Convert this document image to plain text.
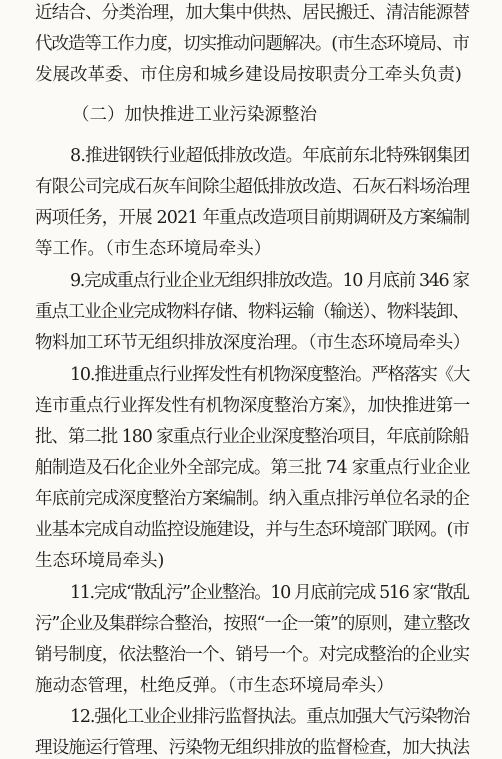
近结合、分类治理，加大集中供热、居民搬迁、清洁能源替

代改造等工作力度，切实推动问题解决。(市生态环境局、市

发展改革委、市住房和城乡建设局按职责分工牵头负责)

（二）加快推进工业污染源整治

8.推进钢铁行业超低排放改造。年底前东北特殊钢集团

有限公司完成石灰车间除尘超低排放改造、石灰石料场治理

两项任务，开展 2021 年重点改造项目前期调研及方案编制

等工作。（市生态环境局牵头）

9.完成重点行业企业无组织排放改造。10 月底前 346 家

重点工业企业完成物料存储、物料运输（输送）、物料装卸、

物料加工环节无组织排放深度治理。（市生态环境局牵头）

10.推进重点行业挥发性有机物深度整治。严格落实《大

连市重点行业挥发性有机物深度整治方案》，加快推进第一

批、第二批 180 家重点行业企业深度整治项目，年底前除船

舶制造及石化企业外全部完成。第三批 74 家重点行业企业

年底前完成深度整治方案编制。纳入重点排污单位名录的企

业基本完成自动监控设施建设，并与生态环境部门联网。(市

生态环境局牵头)

11.完成“散乱污”企业整治。10 月底前完成 516 家“散乱

污”企业及集群综合整治，按照“一企一策”的原则，建立整改

销号制度，依法整治一个、销号一个。对完成整治的企业实

施动态管理，杜绝反弹。（市生态环境局牵头）

12.强化工业企业排污监督执法。重点加强大气污染物治

理设施运行管理、污染物无组织排放的监督检查，加大执法
